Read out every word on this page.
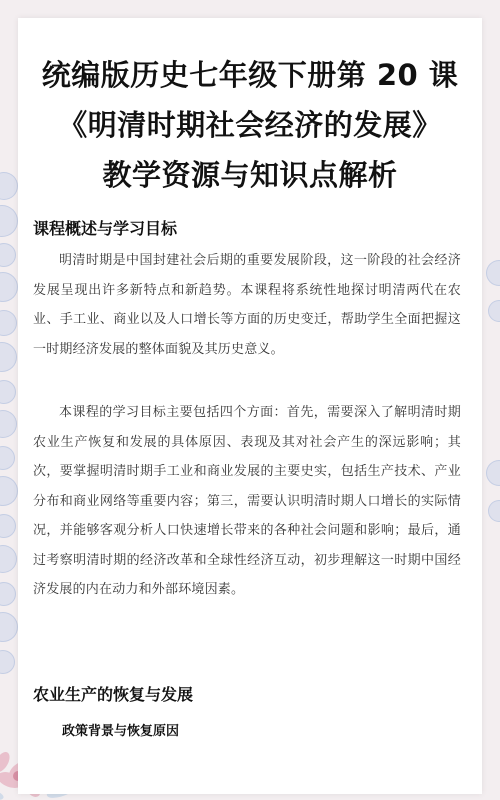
统编版历史七年级下册第 20 课
《明清时期社会经济的发展》
教学资源与知识点解析
课程概述与学习目标

明清时期是中国封建社会后期的重要发展阶段，这一阶段的社会经济发展呈现出许多新特点和新趋势。本课程将系统性地探讨明清两代在农业、手工业、商业以及人口增长等方面的历史变迁，帮助学生全面把握这一时期经济发展的整体面貌及其历史意义。

本课程的学习目标主要包括四个方面：首先，需要深入了解明清时期农业生产恢复和发展的具体原因、表现及其对社会产生的深远影响；其次，要掌握明清时期手工业和商业发展的主要史实，包括生产技术、产业分布和商业网络等重要内容；第三，需要认识明清时期人口增长的实际情况，并能够客观分析人口快速增长带来的各种社会问题和影响；最后，通过考察明清时期的经济改革和全球性经济互动，初步理解这一时期中国经济发展的内在动力和外部环境因素。

农业生产的恢复与发展
政策背景与恢复原因
